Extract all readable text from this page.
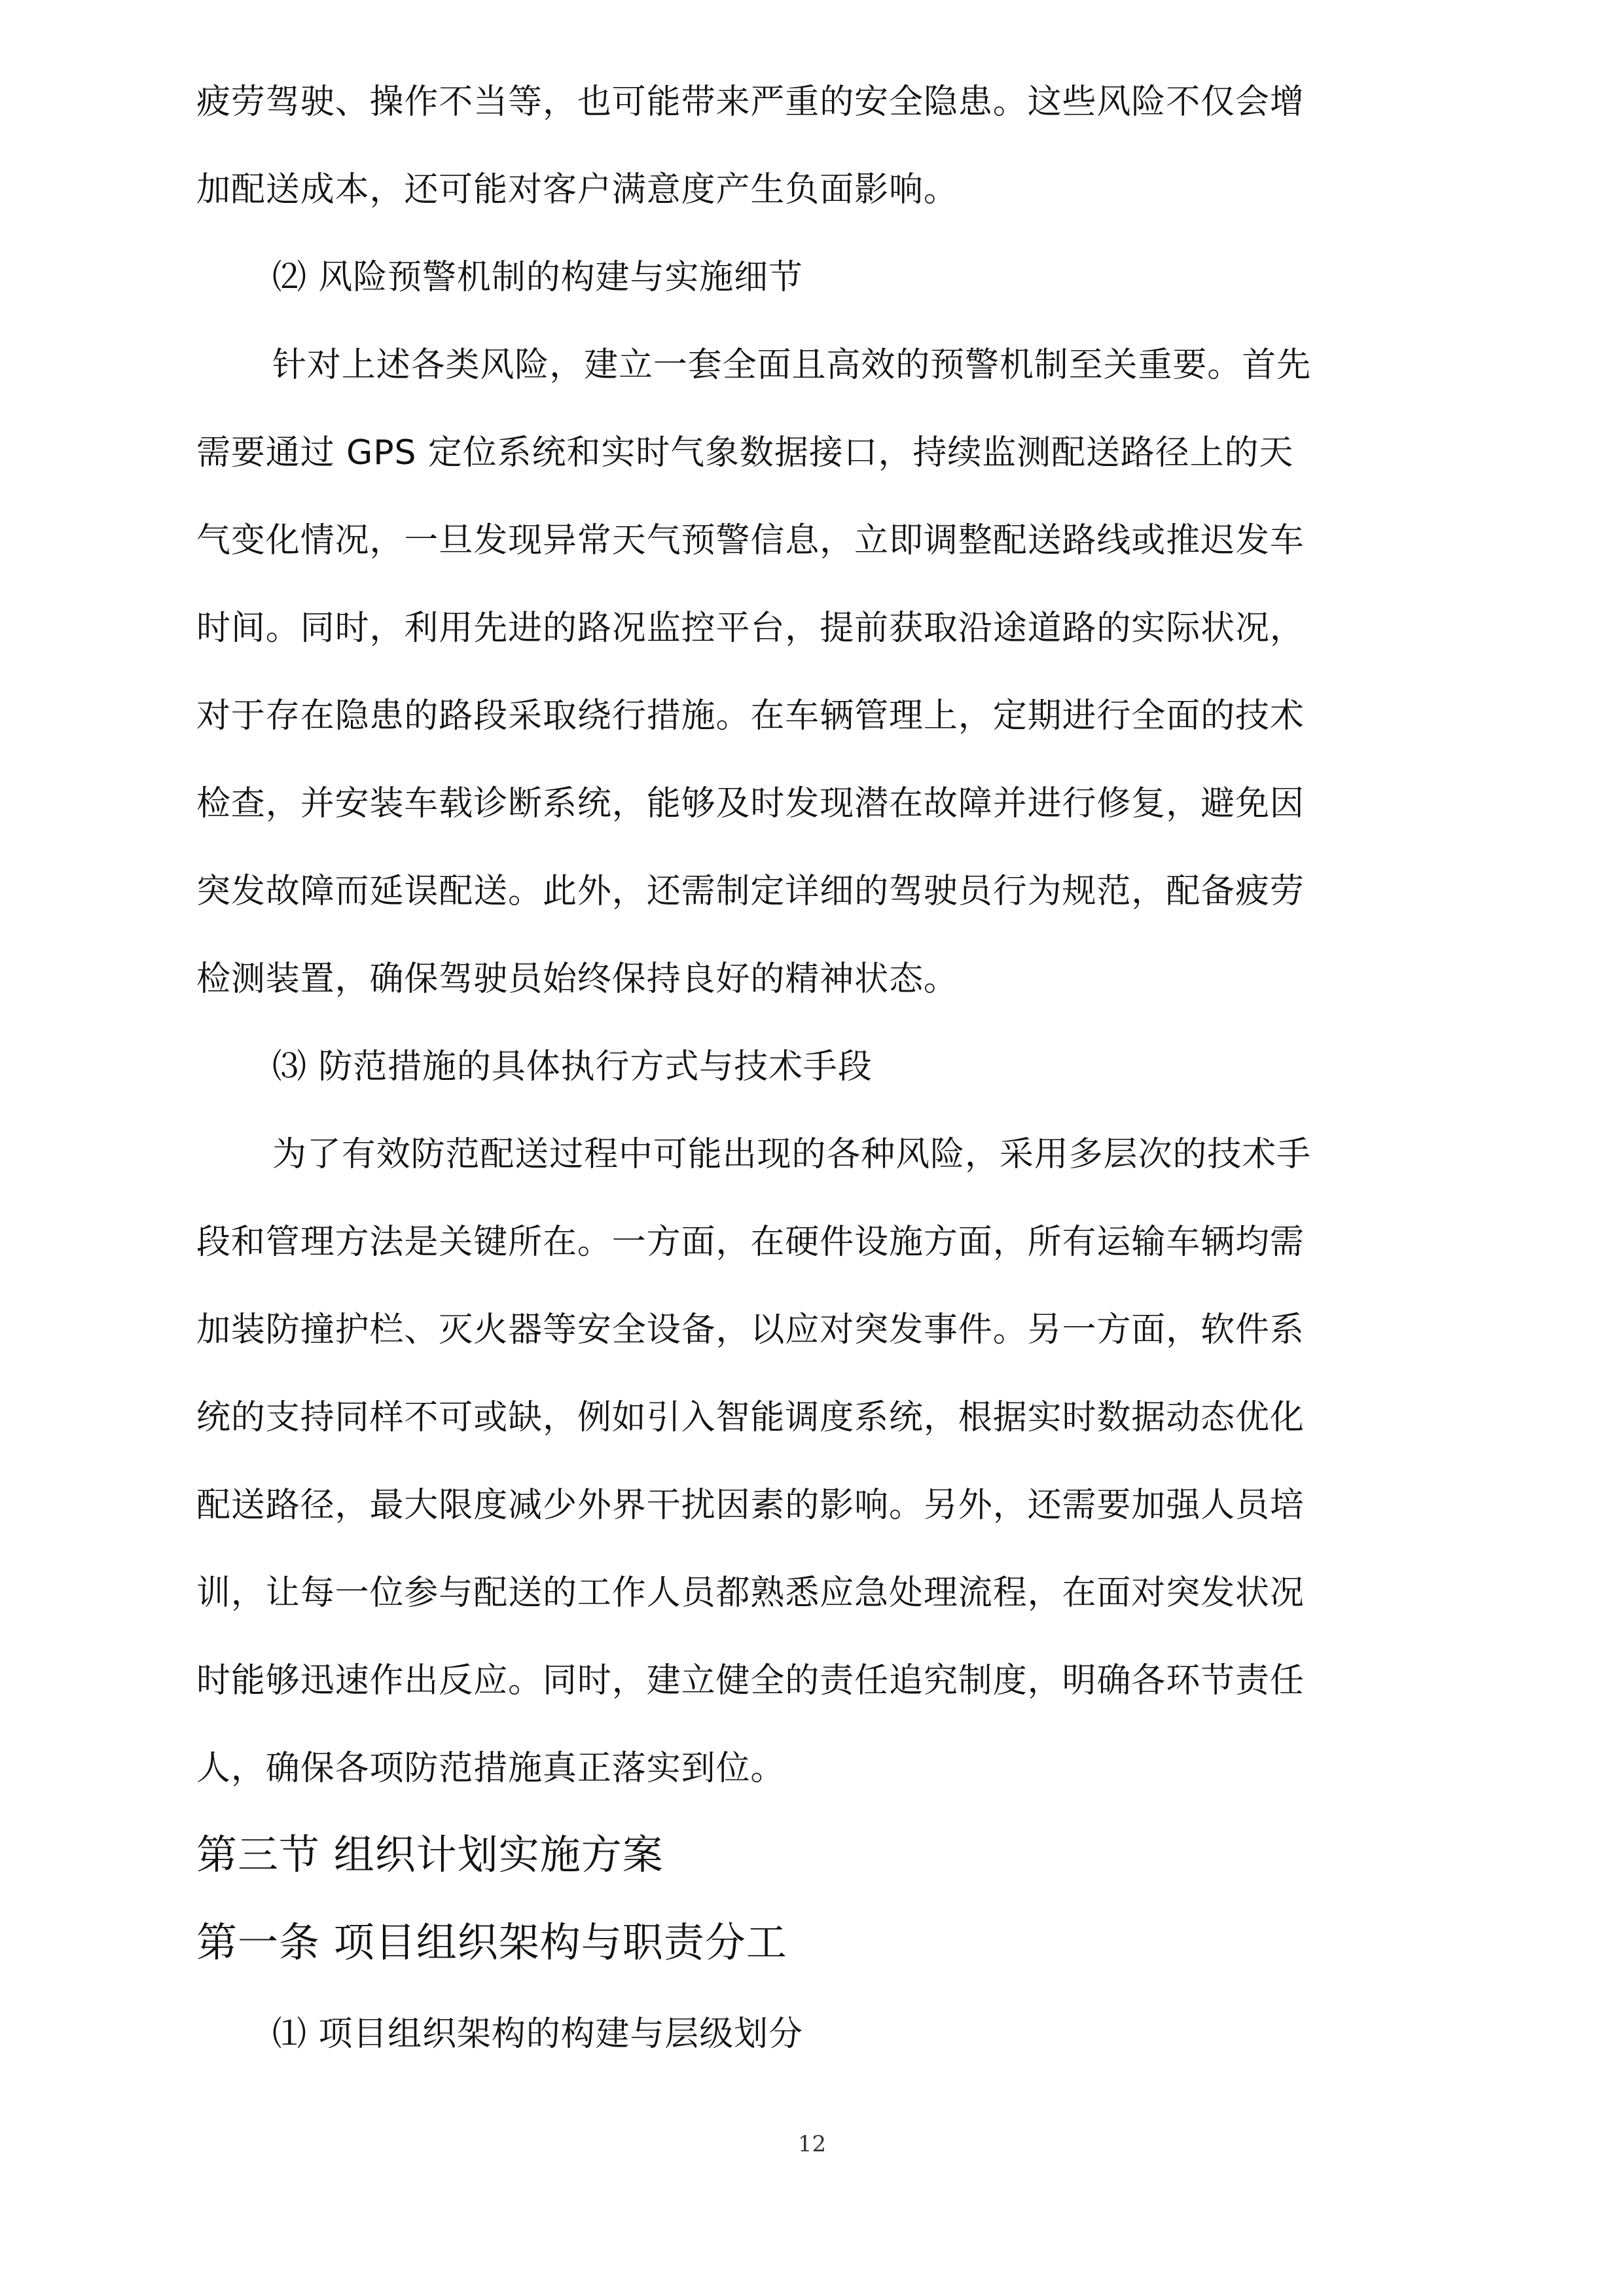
疲劳驾驶、操作不当等，也可能带来严重的安全隐患。这些风险不仅会增
加配送成本，还可能对客户满意度产生负面影响。
⑵ 风险预警机制的构建与实施细节
针对上述各类风险，建立一套全面且高效的预警机制至关重要。首先
需要通过 GPS 定位系统和实时气象数据接口，持续监测配送路径上的天
气变化情况，一旦发现异常天气预警信息，立即调整配送路线或推迟发车
时间。同时，利用先进的路况监控平台，提前获取沿途道路的实际状况，
对于存在隐患的路段采取绕行措施。在车辆管理上，定期进行全面的技术
检查，并安装车载诊断系统，能够及时发现潜在故障并进行修复，避免因
突发故障而延误配送。此外，还需制定详细的驾驶员行为规范，配备疲劳
检测装置，确保驾驶员始终保持良好的精神状态。
⑶ 防范措施的具体执行方式与技术手段
为了有效防范配送过程中可能出现的各种风险，采用多层次的技术手
段和管理方法是关键所在。一方面，在硬件设施方面，所有运输车辆均需
加装防撞护栏、灭火器等安全设备，以应对突发事件。另一方面，软件系
统的支持同样不可或缺，例如引入智能调度系统，根据实时数据动态优化
配送路径，最大限度减少外界干扰因素的影响。另外，还需要加强人员培
训，让每一位参与配送的工作人员都熟悉应急处理流程，在面对突发状况
时能够迅速作出反应。同时，建立健全的责任追究制度，明确各环节责任
人，确保各项防范措施真正落实到位。
第三节 组织计划实施方案
第一条 项目组织架构与职责分工
⑴ 项目组织架构的构建与层级划分
12
